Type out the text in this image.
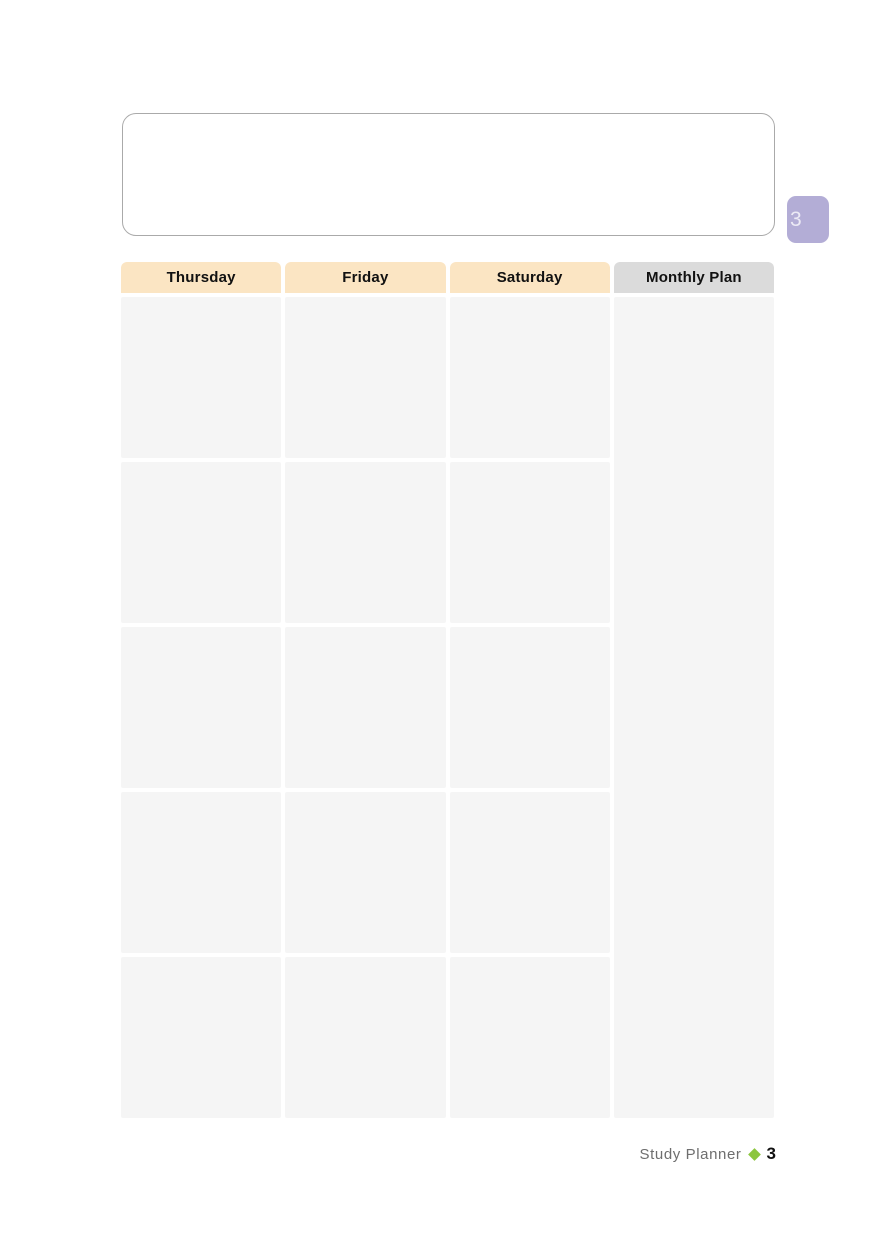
3
Thursday	Friday	Saturday	Monthly Plan
Study Planner 3
